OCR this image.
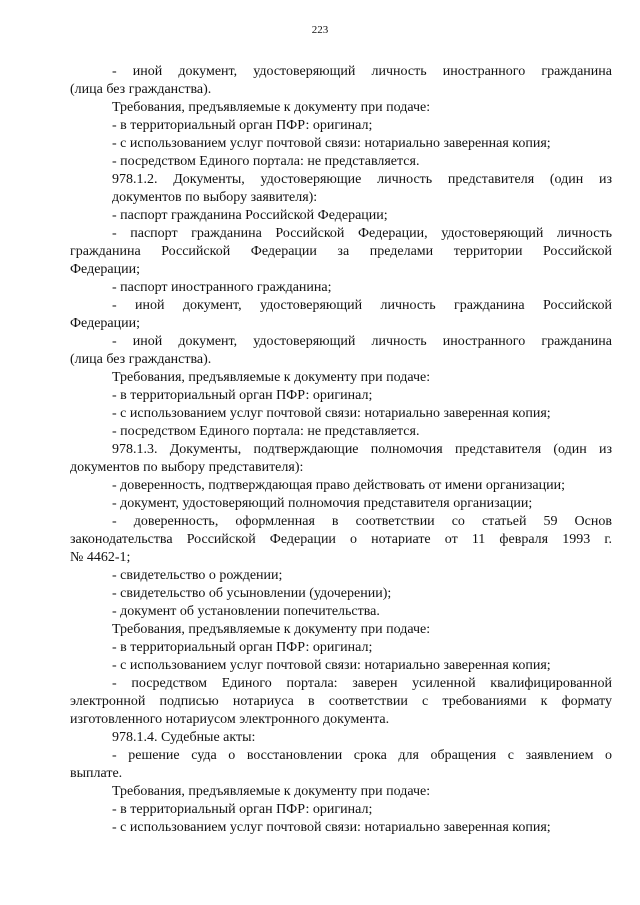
223
- иной документ, удостоверяющий личность иностранного гражданина
(лица без гражданства).
Требования, предъявляемые к документу при подаче:
- в территориальный орган ПФР: оригинал;
- с использованием услуг почтовой связи: нотариально заверенная копия;
- посредством Единого портала: не представляется.
978.1.2. Документы, удостоверяющие личность представителя (один из
документов по выбору заявителя):
- паспорт гражданина Российской Федерации;
- паспорт гражданина Российской Федерации, удостоверяющий личность
гражданина Российской Федерации за пределами территории Российской
Федерации;
- паспорт иностранного гражданина;
- иной документ, удостоверяющий личность гражданина Российской
Федерации;
- иной документ, удостоверяющий личность иностранного гражданина
(лица без гражданства).
Требования, предъявляемые к документу при подаче:
- в территориальный орган ПФР: оригинал;
- с использованием услуг почтовой связи: нотариально заверенная копия;
- посредством Единого портала: не представляется.
978.1.3. Документы, подтверждающие полномочия представителя (один из
документов по выбору представителя):
- доверенность, подтверждающая право действовать от имени организации;
- документ, удостоверяющий полномочия представителя организации;
- доверенность, оформленная в соответствии со статьей 59 Основ
законодательства Российской Федерации о нотариате от 11 февраля 1993 г.
№ 4462-1;
- свидетельство о рождении;
- свидетельство об усыновлении (удочерении);
- документ об установлении попечительства.
Требования, предъявляемые к документу при подаче:
- в территориальный орган ПФР: оригинал;
- с использованием услуг почтовой связи: нотариально заверенная копия;
- посредством Единого портала: заверен усиленной квалифицированной
электронной подписью нотариуса в соответствии с требованиями к формату
изготовленного нотариусом электронного документа.
978.1.4. Судебные акты:
- решение суда о восстановлении срока для обращения с заявлением о
выплате.
Требования, предъявляемые к документу при подаче:
- в территориальный орган ПФР: оригинал;
- с использованием услуг почтовой связи: нотариально заверенная копия;
